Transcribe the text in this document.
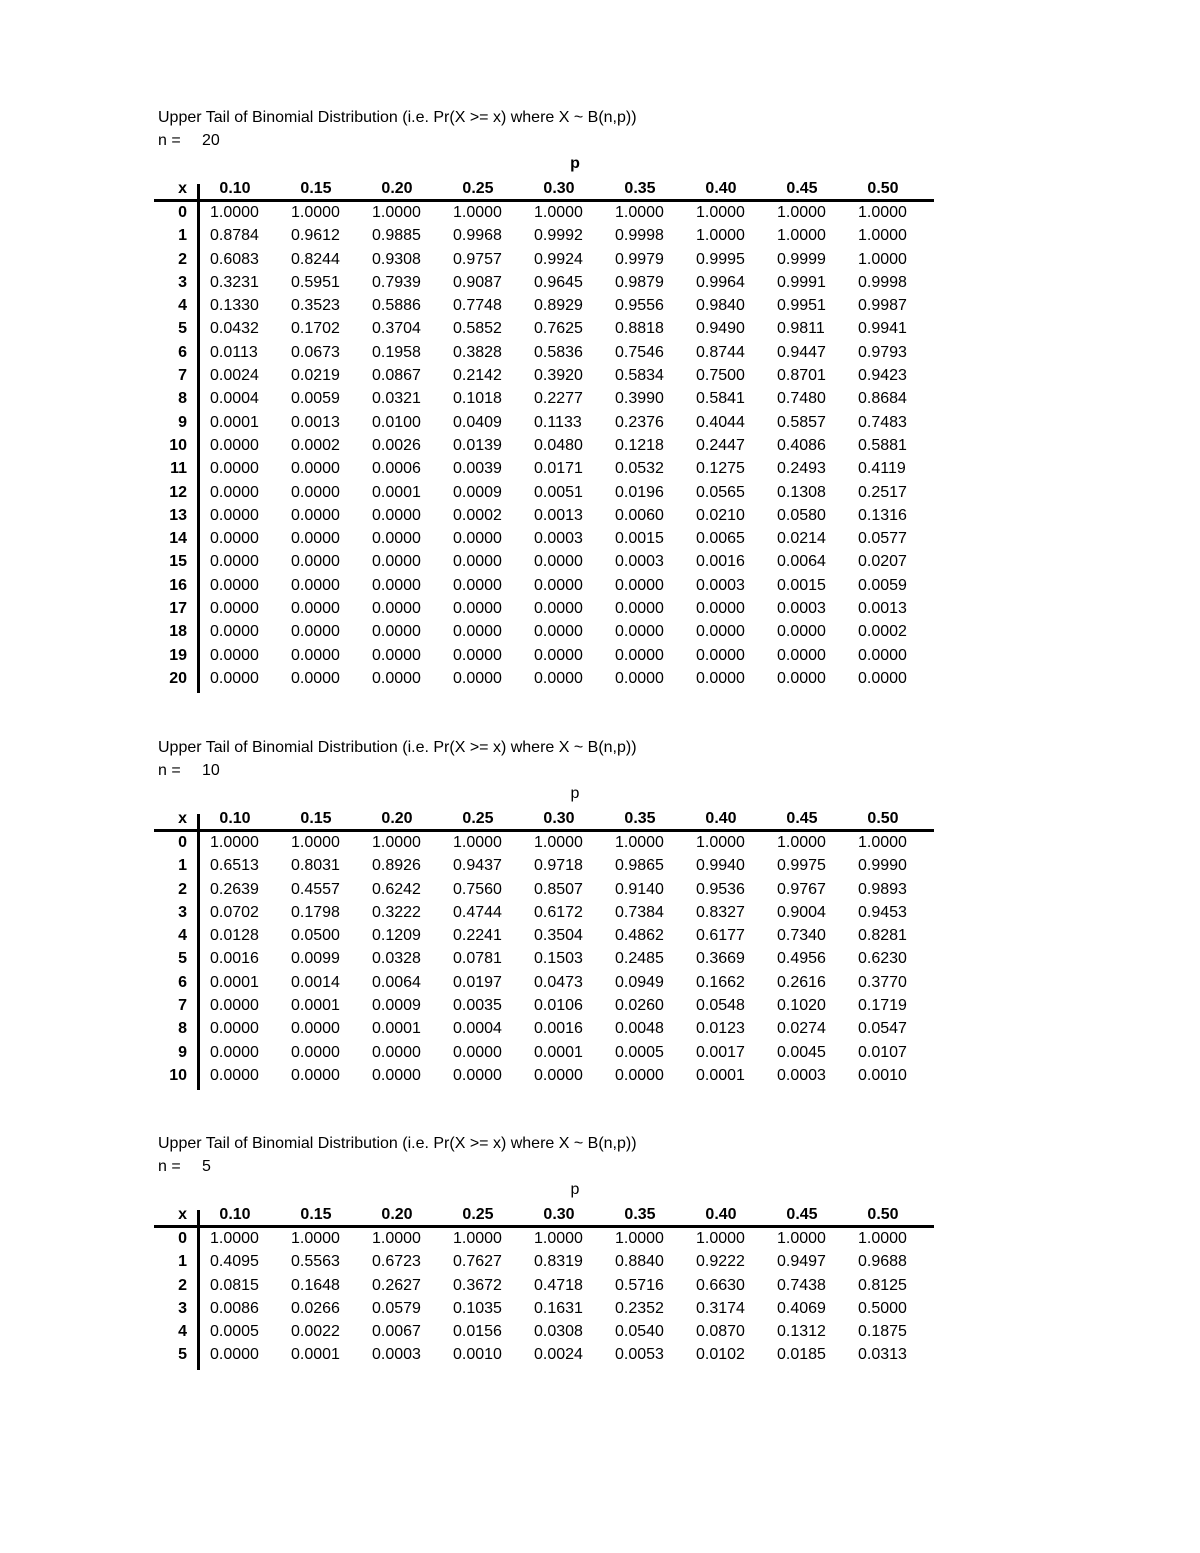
Upper Tail of Binomial Distribution (i.e. Pr(X >= x) where X ~ B(n,p))
n = 20
p
x	0.10	0.15	0.20	0.25	0.30	0.35	0.40	0.45	0.50
0 1.0000	1.0000	1.0000	1.0000	1.0000	1.0000	1.0000	1.0000	1.0000
1 0.8784	0.9612	0.9885	0.9968	0.9992	0.9998	1.0000	1.0000	1.0000
2 0.6083	0.8244	0.9308	0.9757	0.9924	0.9979	0.9995	0.9999	1.0000
3 0.3231	0.5951	0.7939	0.9087	0.9645	0.9879	0.9964	0.9991	0.9998
4 0.1330	0.3523	0.5886	0.7748	0.8929	0.9556	0.9840	0.9951	0.9987
5 0.0432	0.1702	0.3704	0.5852	0.7625	0.8818	0.9490	0.9811	0.9941
6 0.0113	0.0673	0.1958	0.3828	0.5836	0.7546	0.8744	0.9447	0.9793
7 0.0024	0.0219	0.0867	0.2142	0.3920	0.5834	0.7500	0.8701	0.9423
8 0.0004	0.0059	0.0321	0.1018	0.2277	0.3990	0.5841	0.7480	0.8684
9 0.0001	0.0013	0.0100	0.0409	0.1133	0.2376	0.4044	0.5857	0.7483
10 0.0000	0.0002	0.0026	0.0139	0.0480	0.1218	0.2447	0.4086	0.5881
11 0.0000	0.0000	0.0006	0.0039	0.0171	0.0532	0.1275	0.2493	0.4119
12 0.0000	0.0000	0.0001	0.0009	0.0051	0.0196	0.0565	0.1308	0.2517
13 0.0000	0.0000	0.0000	0.0002	0.0013	0.0060	0.0210	0.0580	0.1316
14 0.0000	0.0000	0.0000	0.0000	0.0003	0.0015	0.0065	0.0214	0.0577
15 0.0000	0.0000	0.0000	0.0000	0.0000	0.0003	0.0016	0.0064	0.0207
16 0.0000	0.0000	0.0000	0.0000	0.0000	0.0000	0.0003	0.0015	0.0059
17 0.0000	0.0000	0.0000	0.0000	0.0000	0.0000	0.0000	0.0003	0.0013
18 0.0000	0.0000	0.0000	0.0000	0.0000	0.0000	0.0000	0.0000	0.0002
19 0.0000	0.0000	0.0000	0.0000	0.0000	0.0000	0.0000	0.0000	0.0000
20 0.0000	0.0000	0.0000	0.0000	0.0000	0.0000	0.0000	0.0000	0.0000
Upper Tail of Binomial Distribution (i.e. Pr(X >= x) where X ~ B(n,p))
n = 10
p
x	0.10	0.15	0.20	0.25	0.30	0.35	0.40	0.45	0.50
0 1.0000	1.0000	1.0000	1.0000	1.0000	1.0000	1.0000	1.0000	1.0000
1 0.6513	0.8031	0.8926	0.9437	0.9718	0.9865	0.9940	0.9975	0.9990
2 0.2639	0.4557	0.6242	0.7560	0.8507	0.9140	0.9536	0.9767	0.9893
3 0.0702	0.1798	0.3222	0.4744	0.6172	0.7384	0.8327	0.9004	0.9453
4 0.0128	0.0500	0.1209	0.2241	0.3504	0.4862	0.6177	0.7340	0.8281
5 0.0016	0.0099	0.0328	0.0781	0.1503	0.2485	0.3669	0.4956	0.6230
6 0.0001	0.0014	0.0064	0.0197	0.0473	0.0949	0.1662	0.2616	0.3770
7 0.0000	0.0001	0.0009	0.0035	0.0106	0.0260	0.0548	0.1020	0.1719
8 0.0000	0.0000	0.0001	0.0004	0.0016	0.0048	0.0123	0.0274	0.0547
9 0.0000	0.0000	0.0000	0.0000	0.0001	0.0005	0.0017	0.0045	0.0107
10 0.0000	0.0000	0.0000	0.0000	0.0000	0.0000	0.0001	0.0003	0.0010
Upper Tail of Binomial Distribution (i.e. Pr(X >= x) where X ~ B(n,p))
n = 5
p
x	0.10	0.15	0.20	0.25	0.30	0.35	0.40	0.45	0.50
0 1.0000	1.0000	1.0000	1.0000	1.0000	1.0000	1.0000	1.0000	1.0000
1 0.4095	0.5563	0.6723	0.7627	0.8319	0.8840	0.9222	0.9497	0.9688
2 0.0815	0.1648	0.2627	0.3672	0.4718	0.5716	0.6630	0.7438	0.8125
3 0.0086	0.0266	0.0579	0.1035	0.1631	0.2352	0.3174	0.4069	0.5000
4 0.0005	0.0022	0.0067	0.0156	0.0308	0.0540	0.0870	0.1312	0.1875
5 0.0000	0.0001	0.0003	0.0010	0.0024	0.0053	0.0102	0.0185	0.0313
